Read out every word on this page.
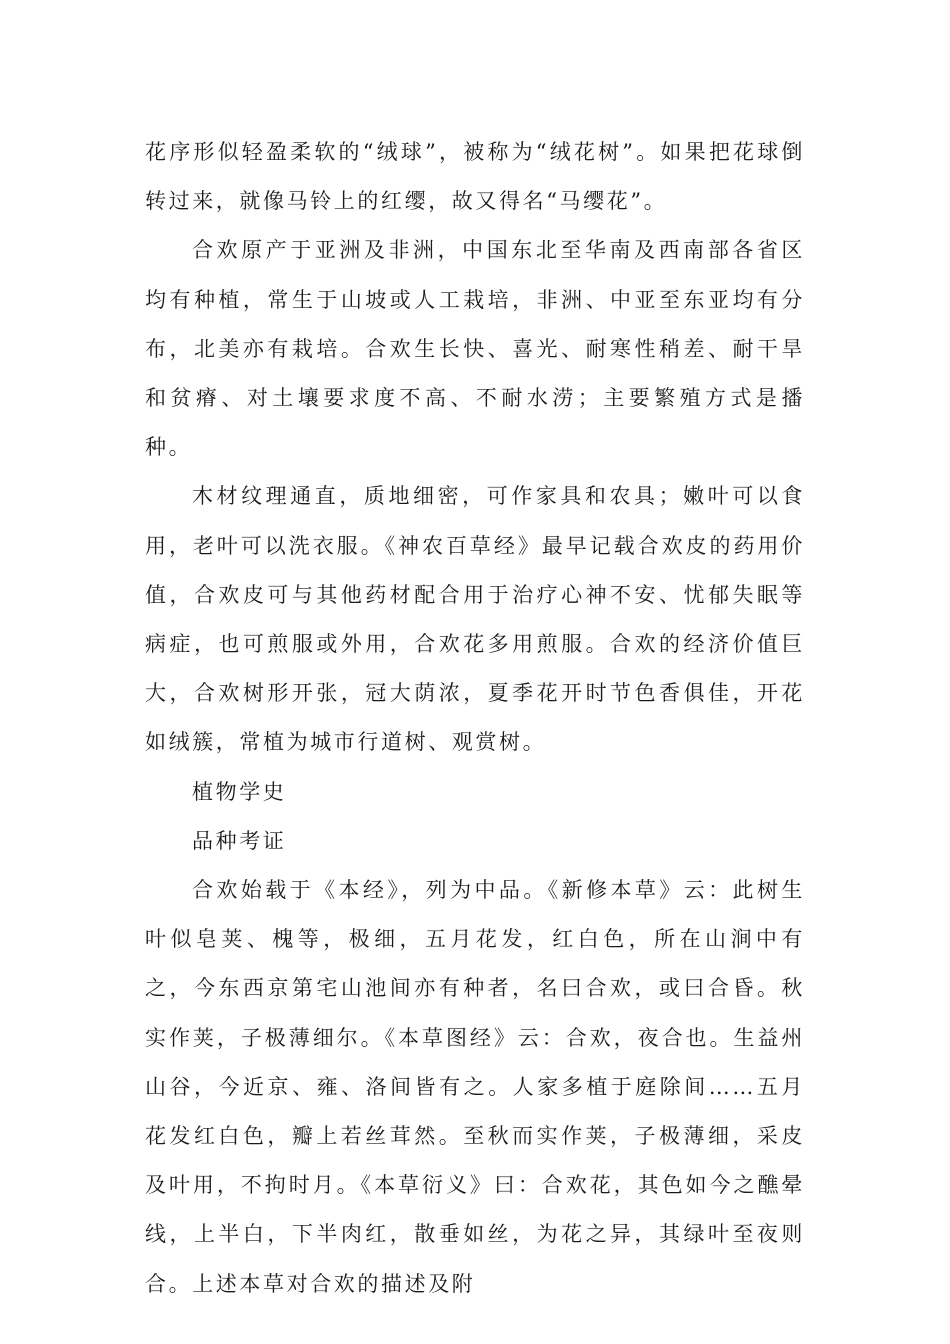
花序形似轻盈柔软的“绒球”，被称为“绒花树”。如果把花球倒转过来，就像马铃上的红缨，故又得名“马缨花”。

合欢原产于亚洲及非洲，中国东北至华南及西南部各省区均有种植，常生于山坡或人工栽培，非洲、中亚至东亚均有分布，北美亦有栽培。合欢生长快、喜光、耐寒性稍差、耐干旱和贫瘠、对土壤要求度不高、不耐水涝；主要繁殖方式是播种。

木材纹理通直，质地细密，可作家具和农具；嫩叶可以食用，老叶可以洗衣服。《神农百草经》最早记载合欢皮的药用价值，合欢皮可与其他药材配合用于治疗心神不安、忧郁失眠等病症，也可煎服或外用，合欢花多用煎服。合欢的经济价值巨大，合欢树形开张，冠大荫浓，夏季花开时节色香俱佳，开花如绒簇，常植为城市行道树、观赏树。

植物学史

品种考证

合欢始载于《本经》，列为中品。《新修本草》云：此树生叶似皂荚、槐等，极细，五月花发，红白色，所在山涧中有之，今东西京第宅山池间亦有种者，名曰合欢，或曰合昏。秋实作荚，子极薄细尔。《本草图经》云：合欢，夜合也。生益州山谷，今近京、雍、洛间皆有之。人家多植于庭除间……五月花发红白色，瓣上若丝茸然。至秋而实作荚，子极薄细，采皮及叶用，不拘时月。《本草衍义》曰：合欢花，其色如今之醮晕线，上半白，下半肉红，散垂如丝，为花之异，其绿叶至夜则合。上述本草对合欢的描述及附
